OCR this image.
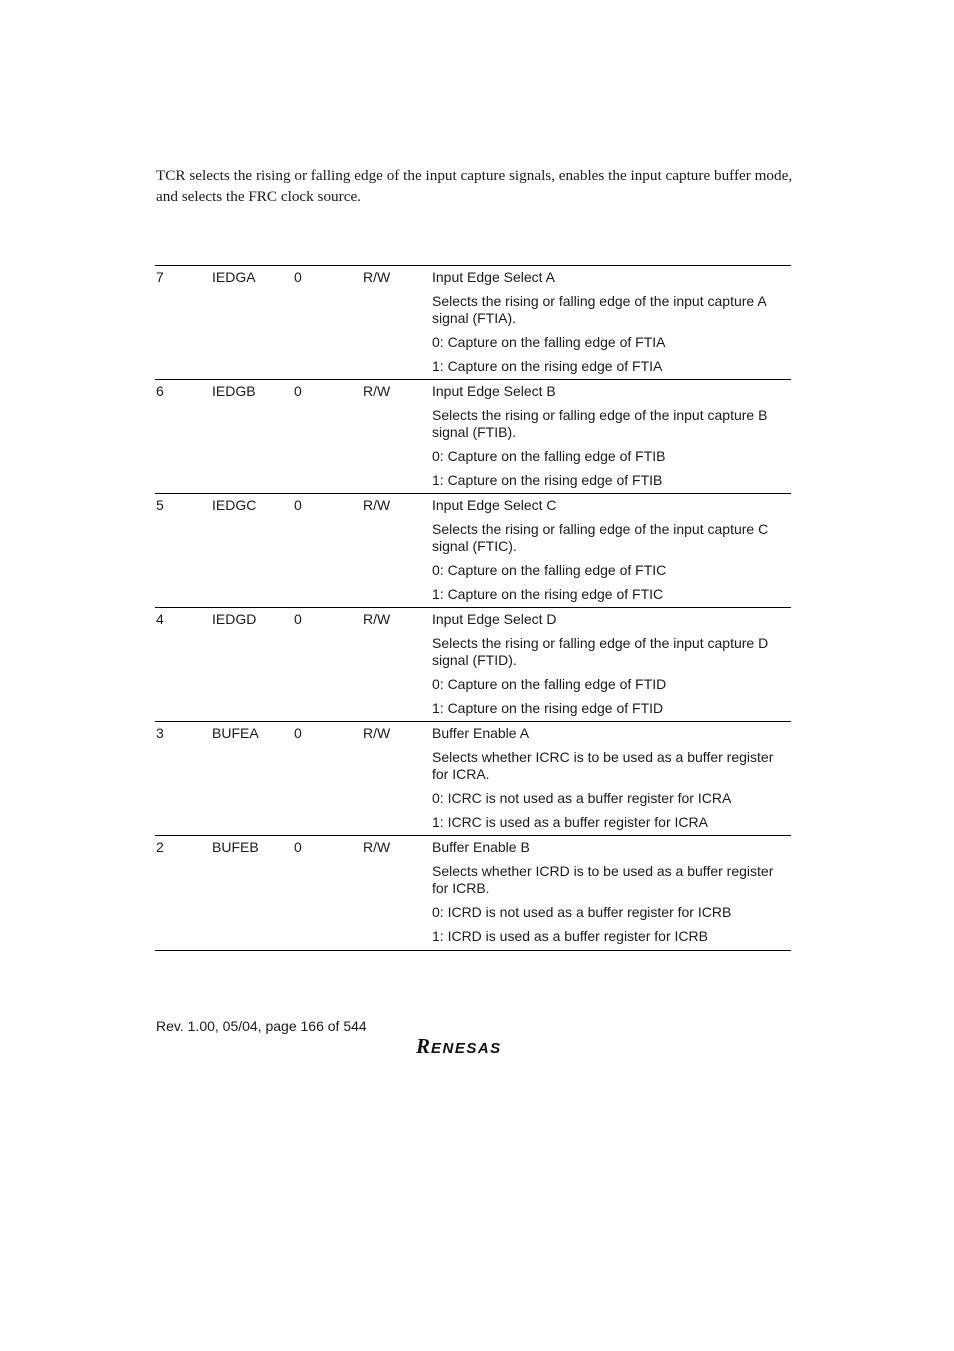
TCR selects the rising or falling edge of the input capture signals, enables the input capture buffer mode, and selects the FRC clock source.

7	IEDGA	0	R/W	Input Edge Select A

Selects the rising or falling edge of the input capture A signal (FTIA).

0: Capture on the falling edge of FTIA

1: Capture on the rising edge of FTIA

6	IEDGB	0	R/W	Input Edge Select B

Selects the rising or falling edge of the input capture B signal (FTIB).

0: Capture on the falling edge of FTIB

1: Capture on the rising edge of FTIB

5	IEDGC	0	R/W	Input Edge Select C

Selects the rising or falling edge of the input capture C signal (FTIC).

0: Capture on the falling edge of FTIC

1: Capture on the rising edge of FTIC

4	IEDGD	0	R/W	Input Edge Select D

Selects the rising or falling edge of the input capture D signal (FTID).

0: Capture on the falling edge of FTID

1: Capture on the rising edge of FTID

3	BUFEA	0	R/W	Buffer Enable A

Selects whether ICRC is to be used as a buffer register for ICRA.

0: ICRC is not used as a buffer register for ICRA

1: ICRC is used as a buffer register for ICRA

2	BUFEB	0	R/W	Buffer Enable B

Selects whether ICRD is to be used as a buffer register for ICRB.

0: ICRD is not used as a buffer register for ICRB

1: ICRD is used as a buffer register for ICRB

Rev. 1.00, 05/04, page 166 of 544
R ENESAS
